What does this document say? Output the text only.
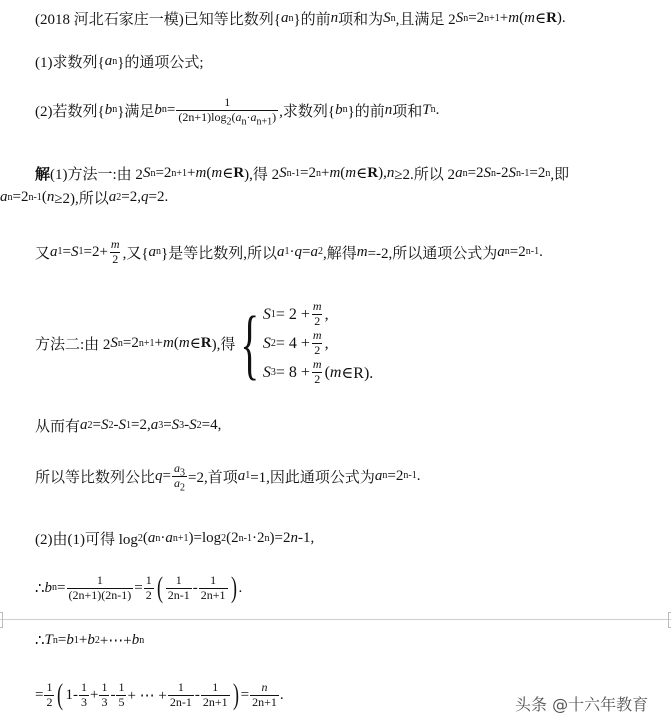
(2018 河北石家庄一模)已知等比数列{ a n }的前 n 项和为 S n ,且满足 2 S n =2 n+1 + m ( m ∈ R ).
(1)求数列{ a n }的通项公式;
(2)若数列{ b n }满足 b $n = \frac{1}{(2n+1)\log_2(a_n\cdot a_{n+1})}$ ,求数列{ b n }的前 n 项和 T n .
解 (1)方法一:由 2 S n =2 n+1 + m ( m ∈ R ),得 2 S n-1 =2 n + m ( m ∈ R ), n ≥2.所以 2 a n =2 S n -2 S n-1 =2 n ,即
a n =2 n-1 ( n ≥2),所以 a 2 =2, q =2.
又 a 1 = S $1 =2+ \frac{m}{2}$ ,又{ a n }是等比数列,所以 a 1 · q = a 2 ,解得 m =-2,所以通项公式为 a n =2 n-1 .
方法二:由 2 S n =2 n+1 + m ( m ∈ R ),得 { S $1 = 2 + \frac{m}{2}$ ,
S $2 = 4 + \frac{m}{2}$ ,
S $3 = 8 + \frac{m}{2}$ ( m ∈R).
从而有 a 2 = S 2 - S 1 =2, a 3 = S 3 - S 2 =4,
所以等比数列公比 $q = \frac{a_3}{a_2} =2$,首项 a 1 =1,因此通项公式为 a n =2 n-1 .
(2)由(1)可得 log 2 ( a n · a n+1 )=log 2 (2 n-1 ·2 n )=2 n -1,
∴ b $n = \frac{1}{(2n+1)(2n-1)} = \frac{1}{2}$ ( $\frac{1}{2n-1} - \frac{1}{2n+1}$ ) .
∴ T n = b 1 + b 2 +⋯+ b n
= $\frac{1}{2}$ ( $1- \frac{1}{3} + \frac{1}{3} - \frac{1}{5}$ + ⋯ + $\frac{1}{2n-1} - \frac{1}{2n+1}$ ) = $\frac{n}{2n+1}$ .
头条 @十六年教育
